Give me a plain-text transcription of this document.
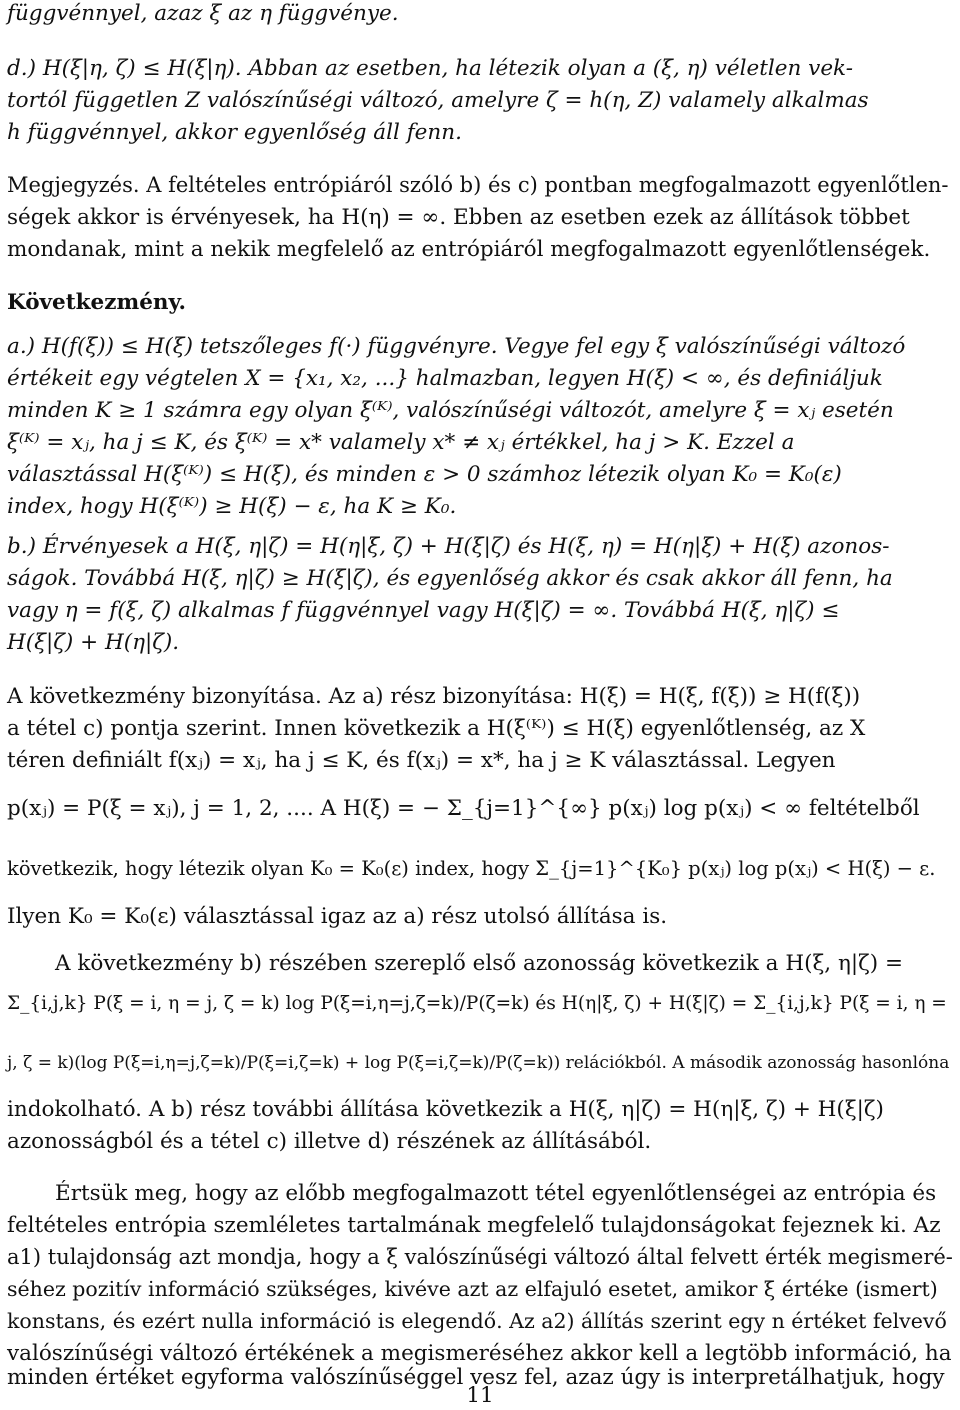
függvénnyel, azaz ξ az η függvénye.
d.) H(ξ|η, ζ) ≤ H(ξ|η). Abban az esetben, ha létezik olyan a (ξ, η) véletlen vek-
tortól független Z valószínűségi változó, amelyre ζ = h(η, Z) valamely alkalmas
h függvénnyel, akkor egyenlőség áll fenn.
Megjegyzés. A feltételes entrópiáról szóló b) és c) pontban megfogalmazott egyenlőtlen-
ségek akkor is érvényesek, ha H(η) = ∞. Ebben az esetben ezek az állítások többet
mondanak, mint a nekik megfelelő az entrópiáról megfogalmazott egyenlőtlenségek.
Következmény.
a.) H(f(ξ)) ≤ H(ξ) tetszőleges f(·) függvényre. Vegye fel egy ξ valószínűségi változó
értékeit egy végtelen X = {x₁, x₂, ...} halmazban, legyen H(ξ) < ∞, és definiáljuk
minden K ≥ 1 számra egy olyan ξ⁽ᴷ⁾, valószínűségi változót, amelyre ξ = xⱼ esetén
ξ⁽ᴷ⁾ = xⱼ, ha j ≤ K, és ξ⁽ᴷ⁾ = x* valamely x* ≠ xⱼ értékkel, ha j > K. Ezzel a
választással H(ξ⁽ᴷ⁾) ≤ H(ξ), és minden ε > 0 számhoz létezik olyan K₀ = K₀(ε)
index, hogy H(ξ⁽ᴷ⁾) ≥ H(ξ) − ε, ha K ≥ K₀.
b.) Érvényesek a H(ξ, η|ζ) = H(η|ξ, ζ) + H(ξ|ζ) és H(ξ, η) = H(η|ξ) + H(ξ) azonos-
ságok. Továbbá H(ξ, η|ζ) ≥ H(ξ|ζ), és egyenlőség akkor és csak akkor áll fenn, ha
vagy η = f(ξ, ζ) alkalmas f függvénnyel vagy H(ξ|ζ) = ∞. Továbbá H(ξ, η|ζ) ≤
H(ξ|ζ) + H(η|ζ).
A következmény bizonyítása. Az a) rész bizonyítása: H(ξ) = H(ξ, f(ξ)) ≥ H(f(ξ))
a tétel c) pontja szerint. Innen következik a H(ξ⁽ᴷ⁾) ≤ H(ξ) egyenlőtlenség, az X
téren definiált f(xⱼ) = xⱼ, ha j ≤ K, és f(xⱼ) = x*, ha j ≥ K választással. Legyen
p(xⱼ) = P(ξ = xⱼ), j = 1, 2, .... A H(ξ) = − Σ_{j=1}^{∞} p(xⱼ) log p(xⱼ) < ∞ feltételből
következik, hogy létezik olyan K₀ = K₀(ε) index, hogy Σ_{j=1}^{K₀} p(xⱼ) log p(xⱼ) < H(ξ) − ε.
Ilyen K₀ = K₀(ε) választással igaz az a) rész utolsó állítása is.
A következmény b) részében szereplő első azonosság következik a H(ξ, η|ζ) =
Σ_{i,j,k} P(ξ = i, η = j, ζ = k) log P(ξ=i,η=j,ζ=k)/P(ζ=k) és H(η|ξ, ζ) + H(ξ|ζ) = Σ_{i,j,k} P(ξ = i, η =
j, ζ = k)(log P(ξ=i,η=j,ζ=k)/P(ξ=i,ζ=k) + log P(ξ=i,ζ=k)/P(ζ=k)) relációkból. A második azonosság hasonlóna
indokolható. A b) rész további állítása következik a H(ξ, η|ζ) = H(η|ξ, ζ) + H(ξ|ζ)
azonosságból és a tétel c) illetve d) részének az állításából.
Értsük meg, hogy az előbb megfogalmazott tétel egyenlőtlenségei az entrópia és
feltételes entrópia szemléletes tartalmának megfelelő tulajdonságokat fejeznek ki. Az
a1) tulajdonság azt mondja, hogy a ξ valószínűségi változó által felvett érték megismeré-
séhez pozitív információ szükséges, kivéve azt az elfajuló esetet, amikor ξ értéke (ismert)
konstans, és ezért nulla információ is elegendő. Az a2) állítás szerint egy n értéket felvevő
valószínűségi változó értékének a megismeréséhez akkor kell a legtöbb információ, ha
minden értéket egyforma valószínűséggel vesz fel, azaz úgy is interpretálhatjuk, hogy
11
